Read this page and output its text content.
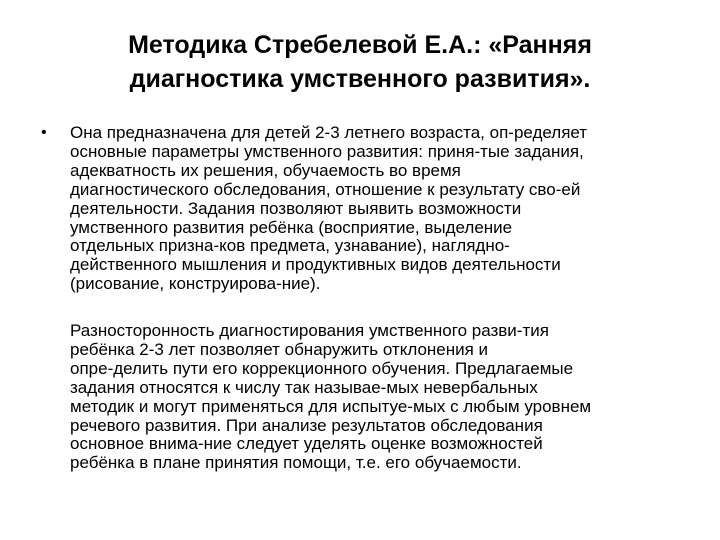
Методика Стребелевой Е.А.: «Ранняя
диагностика умственного развития».
• Она предназначена для детей 2-3 летнего возраста, оп-ределяет
основные параметры умственного развития: приня-тые задания,
адекватность их решения, обучаемость во время
диагностического обследования, отношение к результату сво-ей
деятельности. Задания позволяют выявить возможности
умственного развития ребёнка (восприятие, выделение
отдельных призна-ков предмета, узнавание), наглядно-
действенного мышления и продуктивных видов деятельности
(рисование, конструирова-ние).
Разносторонность диагностирования умственного разви-тия
ребёнка 2-3 лет позволяет обнаружить отклонения и
опре-делить пути его коррекционного обучения. Предлагаемые
задания относятся к числу так называе-мых невербальных
методик и могут применяться для испытуе-мых с любым уровнем
речевого развития. При анализе результатов обследования
основное внима-ние следует уделять оценке возможностей
ребёнка в плане принятия помощи, т.е. его обучаемости.
